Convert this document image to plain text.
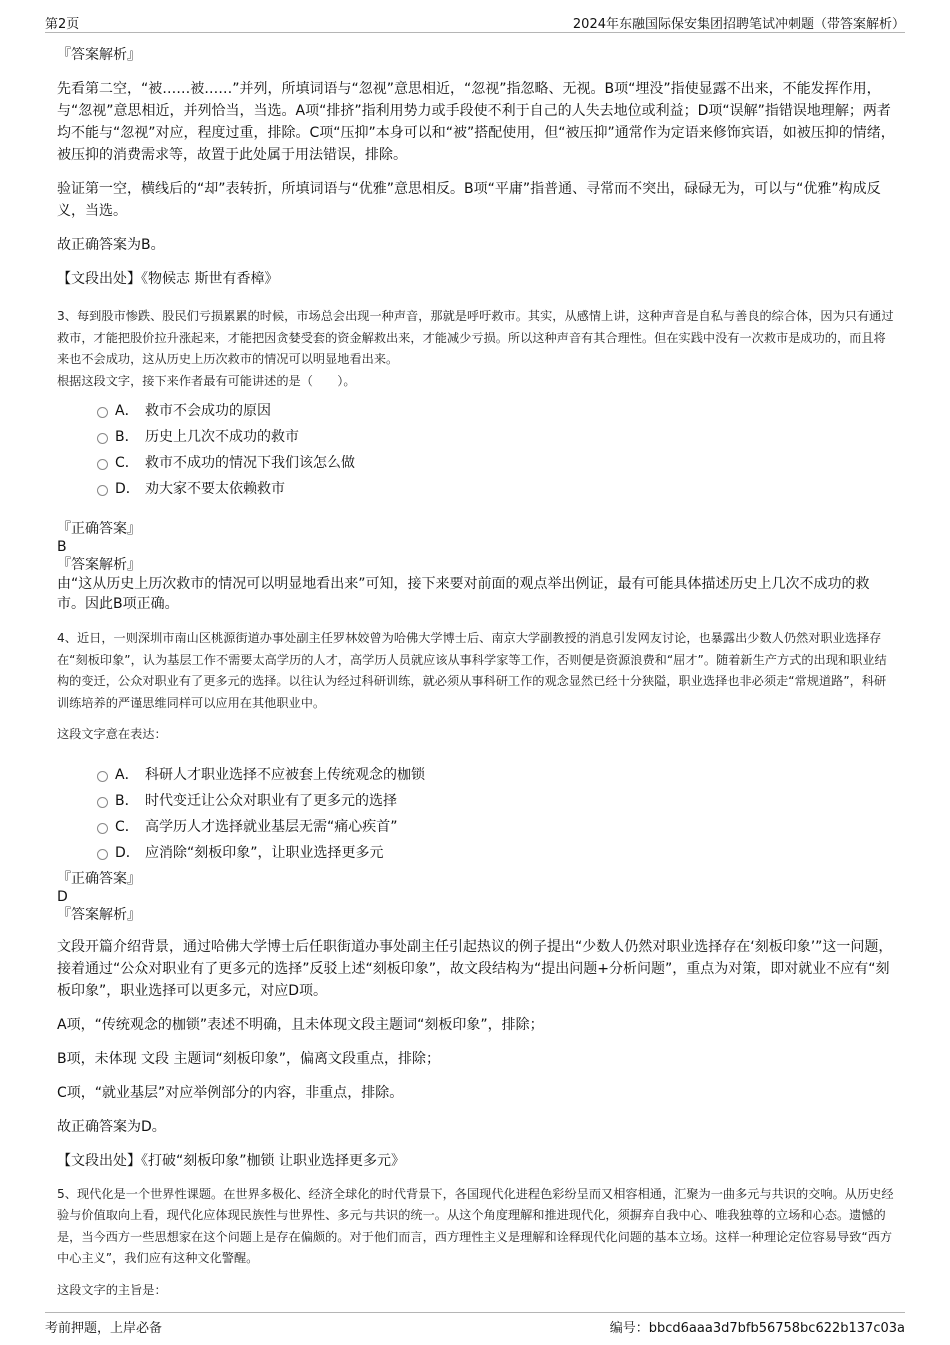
第2页	2024年东融国际保安集团招聘笔试冲刺题（带答案解析）

『答案解析』

先看第二空，“被……被……”并列，所填词语与“忽视”意思相近，“忽视”指忽略、无视。B项“埋没”指使显露不出来，不能发挥作用，与“忽视”意思相近，并列恰当，当选。A项“排挤”指利用势力或手段使不利于自己的人失去地位或利益；D项“误解”指错误地理解；两者均不能与“忽视”对应，程度过重，排除。C项“压抑”本身可以和“被”搭配使用，但“被压抑”通常作为定语来修饰宾语，如被压抑的情绪，被压抑的消费需求等，故置于此处属于用法错误，排除。

验证第一空，横线后的“却”表转折，所填词语与“优雅”意思相反。B项“平庸”指普通、寻常而不突出，碌碌无为，可以与“优雅”构成反义，当选。

故正确答案为B。

【文段出处】《物候志 斯世有香樟》

3、每到股市惨跌、股民们亏损累累的时候，市场总会出现一种声音，那就是呼吁救市。其实，从感情上讲，这种声音是自私与善良的综合体，因为只有通过救市，才能把股价拉升涨起来，才能把因贪婪受套的资金解救出来，才能减少亏损。所以这种声音有其合理性。但在实践中没有一次救市是成功的，而且将来也不会成功，这从历史上历次救市的情况可以明显地看出来。

根据这段文字，接下来作者最有可能讲述的是（　　）。

A． 救市不会成功的原因
B． 历史上几次不成功的救市
C． 救市不成功的情况下我们该怎么做
D． 劝大家不要太依赖救市

『正确答案』

B

『答案解析』

由“这从历史上历次救市的情况可以明显地看出来”可知，接下来要对前面的观点举出例证，最有可能具体描述历史上几次不成功的救市。因此B项正确。

4、近日，一则深圳市南山区桃源街道办事处副主任罗林姣曾为哈佛大学博士后、南京大学副教授的消息引发网友讨论，也暴露出少数人仍然对职业选择存在“刻板印象”，认为基层工作不需要太高学历的人才，高学历人员就应该从事科学家等工作，否则便是资源浪费和“屈才”。随着新生产方式的出现和职业结构的变迁，公众对职业有了更多元的选择。以往认为经过科研训练，就必须从事科研工作的观念显然已经十分狭隘，职业选择也非必须走“常规道路”，科研训练培养的严谨思维同样可以应用在其他职业中。

这段文字意在表达：

A． 科研人才职业选择不应被套上传统观念的枷锁
B． 时代变迁让公众对职业有了更多元的选择
C． 高学历人才选择就业基层无需“痛心疾首”
D． 应消除“刻板印象”，让职业选择更多元

『正确答案』

D

『答案解析』

文段开篇介绍背景，通过哈佛大学博士后任职街道办事处副主任引起热议的例子提出“少数人仍然对职业选择存在‘刻板印象’”这一问题，接着通过“公众对职业有了更多元的选择”反驳上述“刻板印象”，故文段结构为“提出问题+分析问题”，重点为对策，即对就业不应有“刻板印象”，职业选择可以更多元，对应D项。

A项，“传统观念的枷锁”表述不明确，且未体现文段主题词“刻板印象”，排除；

B项，未体现 文段 主题词“刻板印象”，偏离文段重点，排除；

C项，“就业基层”对应举例部分的内容，非重点，排除。

故正确答案为D。

【文段出处】《打破“刻板印象”枷锁 让职业选择更多元》

5、现代化是一个世界性课题。在世界多极化、经济全球化的时代背景下，各国现代化进程色彩纷呈而又相容相通，汇聚为一曲多元与共识的交响。从历史经验与价值取向上看，现代化应体现民族性与世界性、多元与共识的统一。从这个角度理解和推进现代化，须摒弃自我中心、唯我独尊的立场和心态。遗憾的是，当今西方一些思想家在这个问题上是存在偏颇的。对于他们而言，西方理性主义是理解和诠释现代化问题的基本立场。这样一种理论定位容易导致“西方中心主义”，我们应有这种文化警醒。

这段文字的主旨是：

考前押题，上岸必备	编号：bbcd6aaa3d7bfb56758bc622b137c03a
